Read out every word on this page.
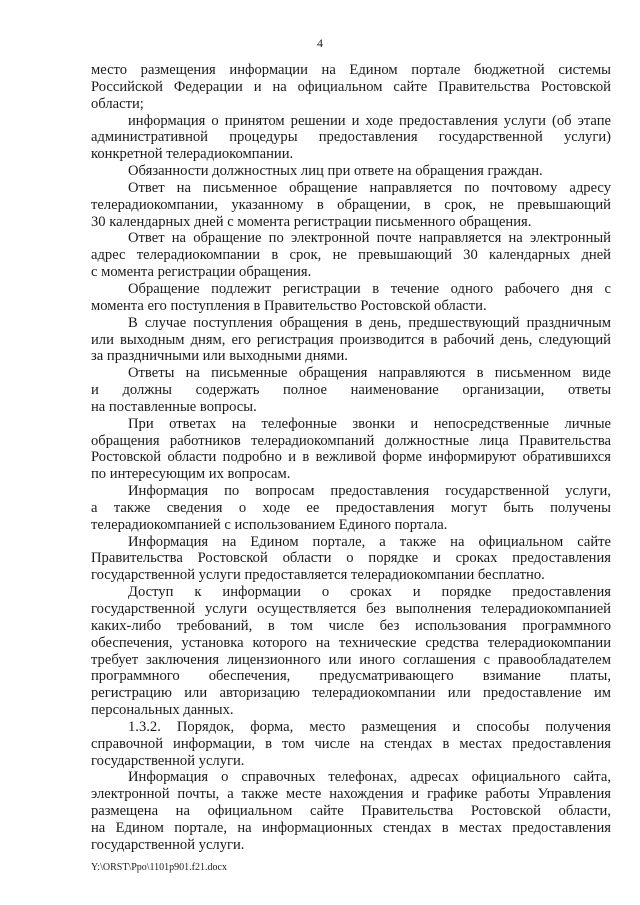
4
место размещения информации на Едином портале бюджетной системы
Российской Федерации и на официальном сайте Правительства Ростовской
области;
информация о принятом решении и ходе предоставления услуги (об этапе
административной процедуры предоставления государственной услуги)
конкретной телерадиокомпании.
Обязанности должностных лиц при ответе на обращения граждан.
Ответ на письменное обращение направляется по почтовому адресу
телерадиокомпании, указанному в обращении, в срок, не превышающий
30 календарных дней с момента регистрации письменного обращения.
Ответ на обращение по электронной почте направляется на электронный
адрес телерадиокомпании в срок, не превышающий 30 календарных дней
с момента регистрации обращения.
Обращение подлежит регистрации в течение одного рабочего дня с
момента его поступления в Правительство Ростовской области.
В случае поступления обращения в день, предшествующий праздничным
или выходным дням, его регистрация производится в рабочий день, следующий
за праздничными или выходными днями.
Ответы на письменные обращения направляются в письменном виде
и должны содержать полное наименование организации, ответы
на поставленные вопросы.
При ответах на телефонные звонки и непосредственные личные
обращения работников телерадиокомпаний должностные лица Правительства
Ростовской области подробно и в вежливой форме информируют обратившихся
по интересующим их вопросам.
Информация по вопросам предоставления государственной услуги,
а также сведения о ходе ее предоставления могут быть получены
телерадиокомпанией с использованием Единого портала.
Информация на Едином портале, а также на официальном сайте
Правительства Ростовской области о порядке и сроках предоставления
государственной услуги предоставляется телерадиокомпании бесплатно.
Доступ к информации о сроках и порядке предоставления
государственной услуги осуществляется без выполнения телерадиокомпанией
каких-либо требований, в том числе без использования программного
обеспечения, установка которого на технические средства телерадиокомпании
требует заключения лицензионного или иного соглашения с правообладателем
программного обеспечения, предусматривающего взимание платы,
регистрацию или авторизацию телерадиокомпании или предоставление им
персональных данных.
1.3.2. Порядок, форма, место размещения и способы получения
справочной информации, в том числе на стендах в местах предоставления
государственной услуги.
Информация о справочных телефонах, адресах официального сайта,
электронной почты, а также месте нахождения и графике работы Управления
размещена на официальном сайте Правительства Ростовской области,
на Едином портале, на информационных стендах в местах предоставления
государственной услуги.
Y:\ORST\Ppo\1101p901.f21.docx
